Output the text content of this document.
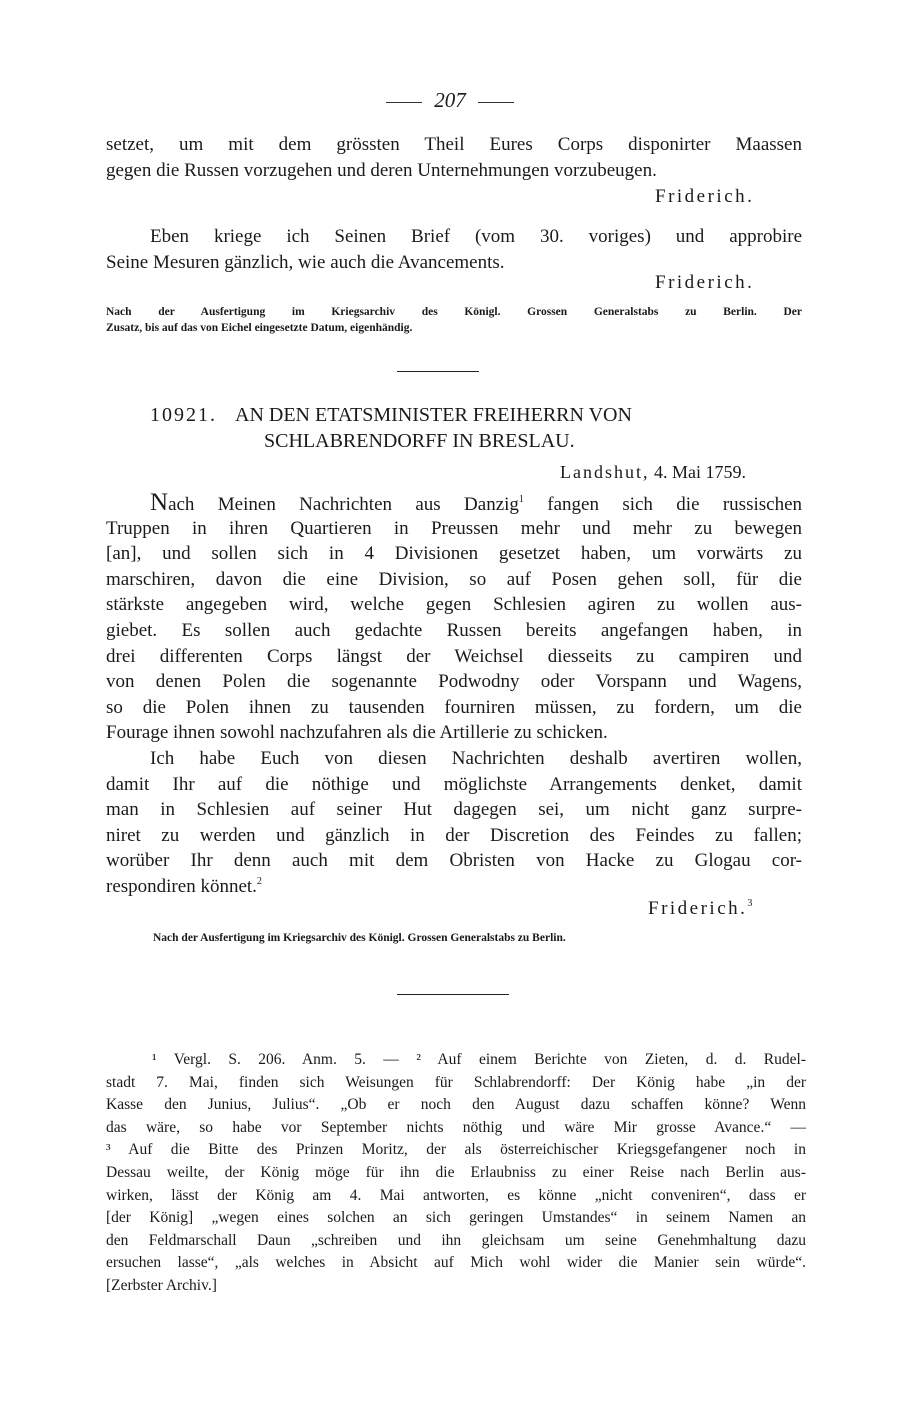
207
setzet, um mit dem grössten Theil Eures Corps disponirter Maassen
gegen die Russen vorzugehen und deren Unternehmungen vorzubeugen.
Friderich.
Eben kriege ich Seinen Brief (vom 30. voriges) und approbire
Seine Mesuren gänzlich, wie auch die Avancements.
Friderich.
Nach der Ausfertigung im Kriegsarchiv des Königl. Grossen Generalstabs zu Berlin. Der
Zusatz, bis auf das von Eichel eingesetzte Datum, eigenhändig.
10921. AN DEN ETATSMINISTER FREIHERRN VON
SCHLABRENDORFF IN BRESLAU.
Landshut, 4. Mai 1759.
Nach Meinen Nachrichten aus Danzig$^1$ fangen sich die russischen
Truppen in ihren Quartieren in Preussen mehr und mehr zu bewegen
[an], und sollen sich in 4 Divisionen gesetzet haben, um vorwärts zu
marschiren, davon die eine Division, so auf Posen gehen soll, für die
stärkste angegeben wird, welche gegen Schlesien agiren zu wollen aus-
giebet. Es sollen auch gedachte Russen bereits angefangen haben, in
drei differenten Corps längst der Weichsel diesseits zu campiren und
von denen Polen die sogenannte Podwodny oder Vorspann und Wagens,
so die Polen ihnen zu tausenden fourniren müssen, zu fordern, um die
Fourage ihnen sowohl nachzufahren als die Artillerie zu schicken.
Ich habe Euch von diesen Nachrichten deshalb avertiren wollen,
damit Ihr auf die nöthige und möglichste Arrangements denket, damit
man in Schlesien auf seiner Hut dagegen sei, um nicht ganz surpre-
niret zu werden und gänzlich in der Discretion des Feindes zu fallen;
worüber Ihr denn auch mit dem Obristen von Hacke zu Glogau cor-
respondiren könnet.$^2$
Friderich.$^3$
Nach der Ausfertigung im Kriegsarchiv des Königl. Grossen Generalstabs zu Berlin.
¹ Vergl. S. 206. Anm. 5. — ² Auf einem Berichte von Zieten, d. d. Rudel-
stadt 7. Mai, finden sich Weisungen für Schlabrendorff: Der König habe „in der
Kasse den Junius, Julius“. „Ob er noch den August dazu schaffen könne? Wenn
das wäre, so habe vor September nichts nöthig und wäre Mir grosse Avance.“ —
³ Auf die Bitte des Prinzen Moritz, der als österreichischer Kriegsgefangener noch in
Dessau weilte, der König möge für ihn die Erlaubniss zu einer Reise nach Berlin aus-
wirken, lässt der König am 4. Mai antworten, es könne „nicht conveniren“, dass er
[der König] „wegen eines solchen an sich geringen Umstandes“ in seinem Namen an
den Feldmarschall Daun „schreiben und ihn gleichsam um seine Genehmhaltung dazu
ersuchen lasse“, „als welches in Absicht auf Mich wohl wider die Manier sein würde“.
[Zerbster Archiv.]
